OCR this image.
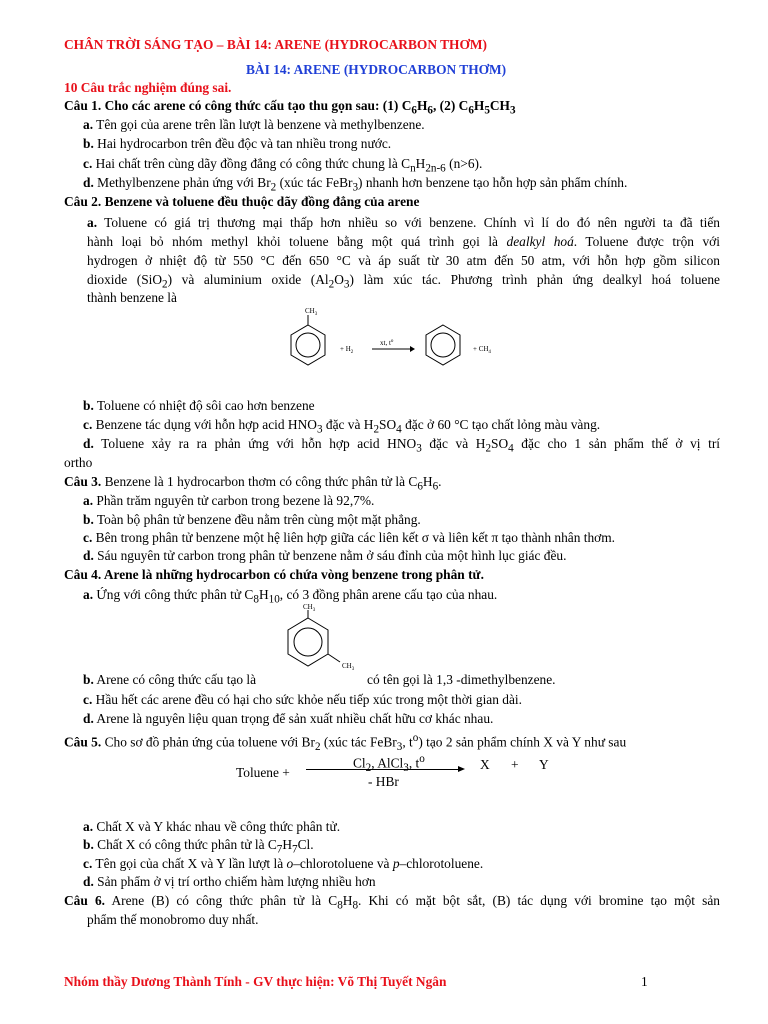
CHÂN TRỜI SÁNG TẠO – BÀI 14: ARENE (HYDROCARBON THƠM)
BÀI 14: ARENE (HYDROCARBON THƠM)
10 Câu trắc nghiệm đúng sai.
Câu 1. Cho các arene có công thức cấu tạo thu gọn sau: (1) $C_6H_6$, (2) $C_6H_5CH_3$
a. Tên gọi của arene trên lần lượt là benzene và methylbenzene.
b. Hai hydrocarbon trên đều độc và tan nhiều trong nước.
c. Hai chất trên cùng dãy đồng đẳng có công thức chung là $C_nH_{2n-6}$ (n>6).
d. Methylbenzene phản ứng với $Br_2$ (xúc tác FeBr$_3$) nhanh hơn benzene tạo hỗn hợp sản phẩm chính.
Câu 2. Benzene và toluene đều thuộc dãy đồng đẳng của arene
a. Toluene có giá trị thương mại thấp hơn nhiều so với benzene. Chính vì lí do đó nên người ta đã tiến
hành loại bỏ nhóm methyl khỏi toluene bằng một quá trình gọi là dealkyl hoá. Toluene được trộn với
hydrogen ở nhiệt độ từ 550 °C đến 650 °C và áp suất từ 30 atm đến 50 atm, với hỗn hợp gồm silicon
dioxide (SiO$_2$) và aluminium oxide $(Al_2O_3)$ làm xúc tác. Phương trình phản ứng dealkyl hoá toluene
thành benzene là
$CH_3$
+ $H_2$
xt, $t^o$
+ $CH_4$
b. Toluene có nhiệt độ sôi cao hơn benzene
c. Benzene tác dụng với hỗn hợp acid $HNO_3$ đặc và $H_2SO_4$ đặc ở 60 °C tạo chất lỏng màu vàng.
d. Toluene xảy ra ra phản ứng với hỗn hợp acid $HNO_3$ đặc và $H_2SO_4$ đặc cho 1 sản phẩm thế ở vị trí
ortho
Câu 3. Benzene là 1 hydrocarbon thơm có công thức phân tử là $C_6H_6$.
a. Phần trăm nguyên tử carbon trong bezene là 92,7%.
b. Toàn bộ phân tử benzene đều nằm trên cùng một mặt phẳng.
c. Bên trong phân tử benzene một hệ liên hợp giữa các liên kết σ và liên kết π tạo thành nhân thơm.
d. Sáu nguyên tử carbon trong phân tử benzene nằm ở sáu đỉnh của một hình lục giác đều.
Câu 4. Arene là những hydrocarbon có chứa vòng benzene trong phân tử.
a. Ứng với công thức phân tử $C_8H_{10}$, có 3 đồng phân arene cấu tạo của nhau.
$CH_3$
$CH_3$
b. Arene có công thức cấu tạo là	có tên gọi là 1,3 -dimethylbenzene.
c. Hầu hết các arene đều có hại cho sức khỏe nếu tiếp xúc trong một thời gian dài.
d. Arene là nguyên liệu quan trọng để sản xuất nhiều chất hữu cơ khác nhau.
Câu 5. Cho sơ đồ phản ứng của toluene với $Br_2$ (xúc tác FeBr$_3$, $t^o$) tạo 2 sản phẩm chính X và Y như sau
Toluene +
$Cl_2$, AlCl$_3$, $t^o$
- HBr
X + Y
a. Chất X và Y khác nhau về công thức phân tử.
b. Chất X có công thức phân tử là $C_7H_7Cl$.
c. Tên gọi của chất X và Y lần lượt là o–chlorotoluene và p–chlorotoluene.
d. Sản phẩm ở vị trí ortho chiếm hàm lượng nhiều hơn
Câu 6. Arene (B) có công thức phân tử là $C_8H_8$. Khi có mặt bột sắt, (B) tác dụng với bromine tạo một sản
phẩm thế monobromo duy nhất.
Nhóm thầy Dương Thành Tính - GV thực hiện: Võ Thị Tuyết Ngân	1
